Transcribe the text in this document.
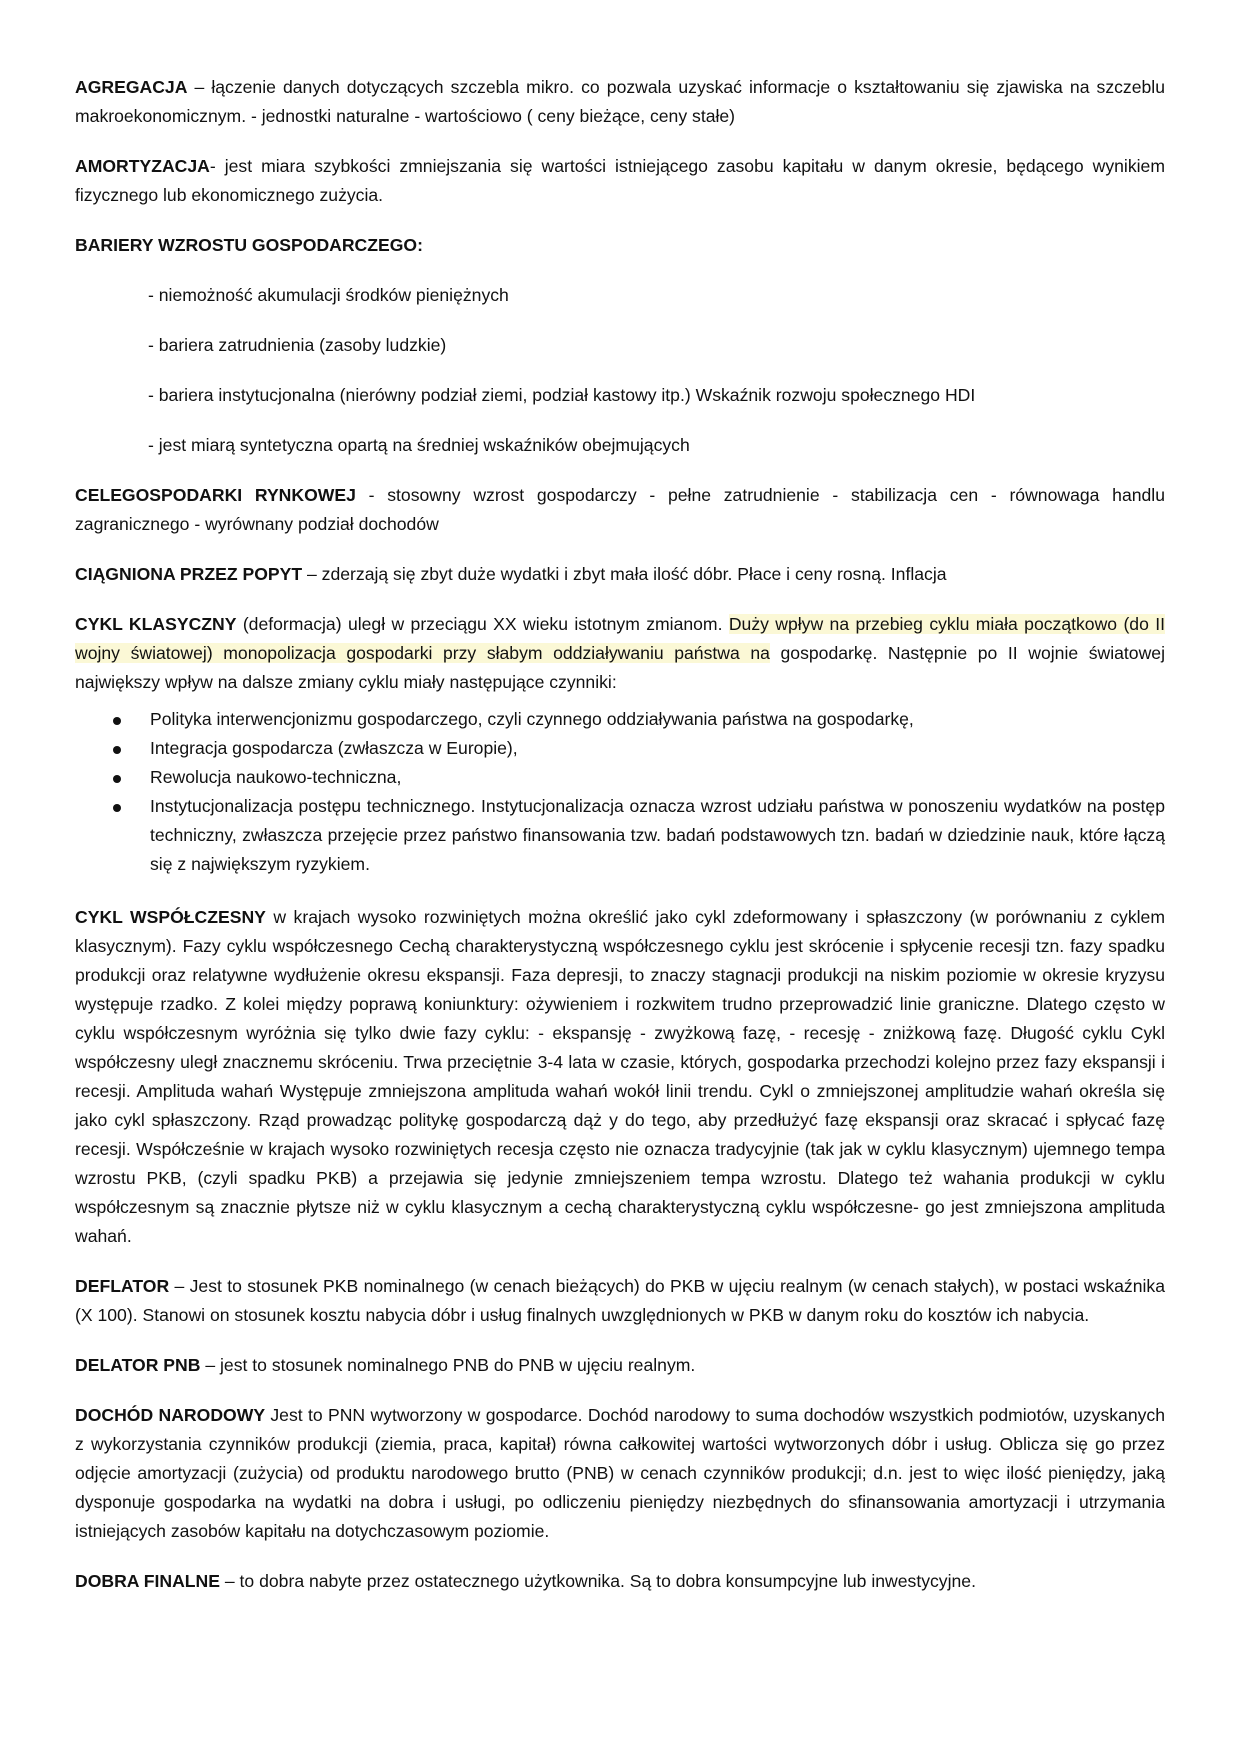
AGREGACJA – łączenie danych dotyczących szczebla mikro. co pozwala uzyskać informacje o kształtowaniu się zjawiska na szczeblu makroekonomicznym. - jednostki naturalne - wartościowo ( ceny bieżące, ceny stałe)

AMORTYZACJA- jest miara szybkości zmniejszania się wartości istniejącego zasobu kapitału w danym okresie, będącego wynikiem fizycznego lub ekonomicznego zużycia.

BARIERY WZROSTU GOSPODARCZEGO:

- niemożność akumulacji środków pieniężnych
- bariera zatrudnienia (zasoby ludzkie)
- bariera instytucjonalna (nierówny podział ziemi, podział kastowy itp.) Wskaźnik rozwoju społecznego HDI
- jest miarą syntetyczna opartą na średniej wskaźników obejmujących

CELEGOSPODARKI RYNKOWEJ - stosowny wzrost gospodarczy - pełne zatrudnienie - stabilizacja cen - równowaga handlu zagranicznego - wyrównany podział dochodów

CIĄGNIONA PRZEZ POPYT – zderzają się zbyt duże wydatki i zbyt mała ilość dóbr. Płace i ceny rosną. Inflacja

CYKL KLASYCZNY (deformacja) uległ w przeciągu XX wieku istotnym zmianom. Duży wpływ na przebieg cyklu miała początkowo (do II wojny światowej) monopolizacja gospodarki przy słabym oddziaływaniu państwa na gospodarkę. Następnie po II wojnie światowej największy wpływ na dalsze zmiany cyklu miały następujące czynniki:

Polityka interwencjonizmu gospodarczego, czyli czynnego oddziaływania państwa na gospodarkę,
Integracja gospodarcza (zwłaszcza w Europie),
Rewolucja naukowo-techniczna,
Instytucjonalizacja postępu technicznego. Instytucjonalizacja oznacza wzrost udziału państwa w ponoszeniu wydatków na postęp techniczny, zwłaszcza przejęcie przez państwo finansowania tzw. badań podstawowych tzn. badań w dziedzinie nauk, które łączą się z największym ryzykiem.

CYKL WSPÓŁCZESNY w krajach wysoko rozwiniętych można określić jako cykl zdeformowany i spłaszczony (w porównaniu z cyklem klasycznym). Fazy cyklu współczesnego Cechą charakterystyczną współczesnego cyklu jest skrócenie i spłycenie recesji tzn. fazy spadku produkcji oraz relatywne wydłużenie okresu ekspansji. Faza depresji, to znaczy stagnacji produkcji na niskim poziomie w okresie kryzysu występuje rzadko. Z kolei między poprawą koniunktury: ożywieniem i rozkwitem trudno przeprowadzić linie graniczne. Dlatego często w cyklu współczesnym wyróżnia się tylko dwie fazy cyklu: - ekspansję - zwyżkową fazę, - recesję - zniżkową fazę. Długość cyklu Cykl współczesny uległ znacznemu skróceniu. Trwa przeciętnie 3-4 lata w czasie, których, gospodarka przechodzi kolejno przez fazy ekspansji i recesji. Amplituda wahań Występuje zmniejszona amplituda wahań wokół linii trendu. Cykl o zmniejszonej amplitudzie wahań określa się jako cykl spłaszczony. Rząd prowadząc politykę gospodarczą dąż y do tego, aby przedłużyć fazę ekspansji oraz skracać i spłycać fazę recesji. Współcześnie w krajach wysoko rozwiniętych recesja często nie oznacza tradycyjnie (tak jak w cyklu klasycznym) ujemnego tempa wzrostu PKB, (czyli spadku PKB) a przejawia się jedynie zmniejszeniem tempa wzrostu. Dlatego też wahania produkcji w cyklu współczesnym są znacznie płytsze niż w cyklu klasycznym a cechą charakterystyczną cyklu współczesne- go jest zmniejszona amplituda wahań.

DEFLATOR – Jest to stosunek PKB nominalnego (w cenach bieżących) do PKB w ujęciu realnym (w cenach stałych), w postaci wskaźnika (X 100). Stanowi on stosunek kosztu nabycia dóbr i usług finalnych uwzględnionych w PKB w danym roku do kosztów ich nabycia.

DELATOR PNB – jest to stosunek nominalnego PNB do PNB w ujęciu realnym.

DOCHÓD NARODOWY Jest to PNN wytworzony w gospodarce. Dochód narodowy to suma dochodów wszystkich podmiotów, uzyskanych z wykorzystania czynników produkcji (ziemia, praca, kapitał) równa całkowitej wartości wytworzonych dóbr i usług. Oblicza się go przez odjęcie amortyzacji (zużycia) od produktu narodowego brutto (PNB) w cenach czynników produkcji; d.n. jest to więc ilość pieniędzy, jaką dysponuje gospodarka na wydatki na dobra i usługi, po odliczeniu pieniędzy niezbędnych do sfinansowania amortyzacji i utrzymania istniejących zasobów kapitału na dotychczasowym poziomie.

DOBRA FINALNE – to dobra nabyte przez ostatecznego użytkownika. Są to dobra konsumpcyjne lub inwestycyjne.
